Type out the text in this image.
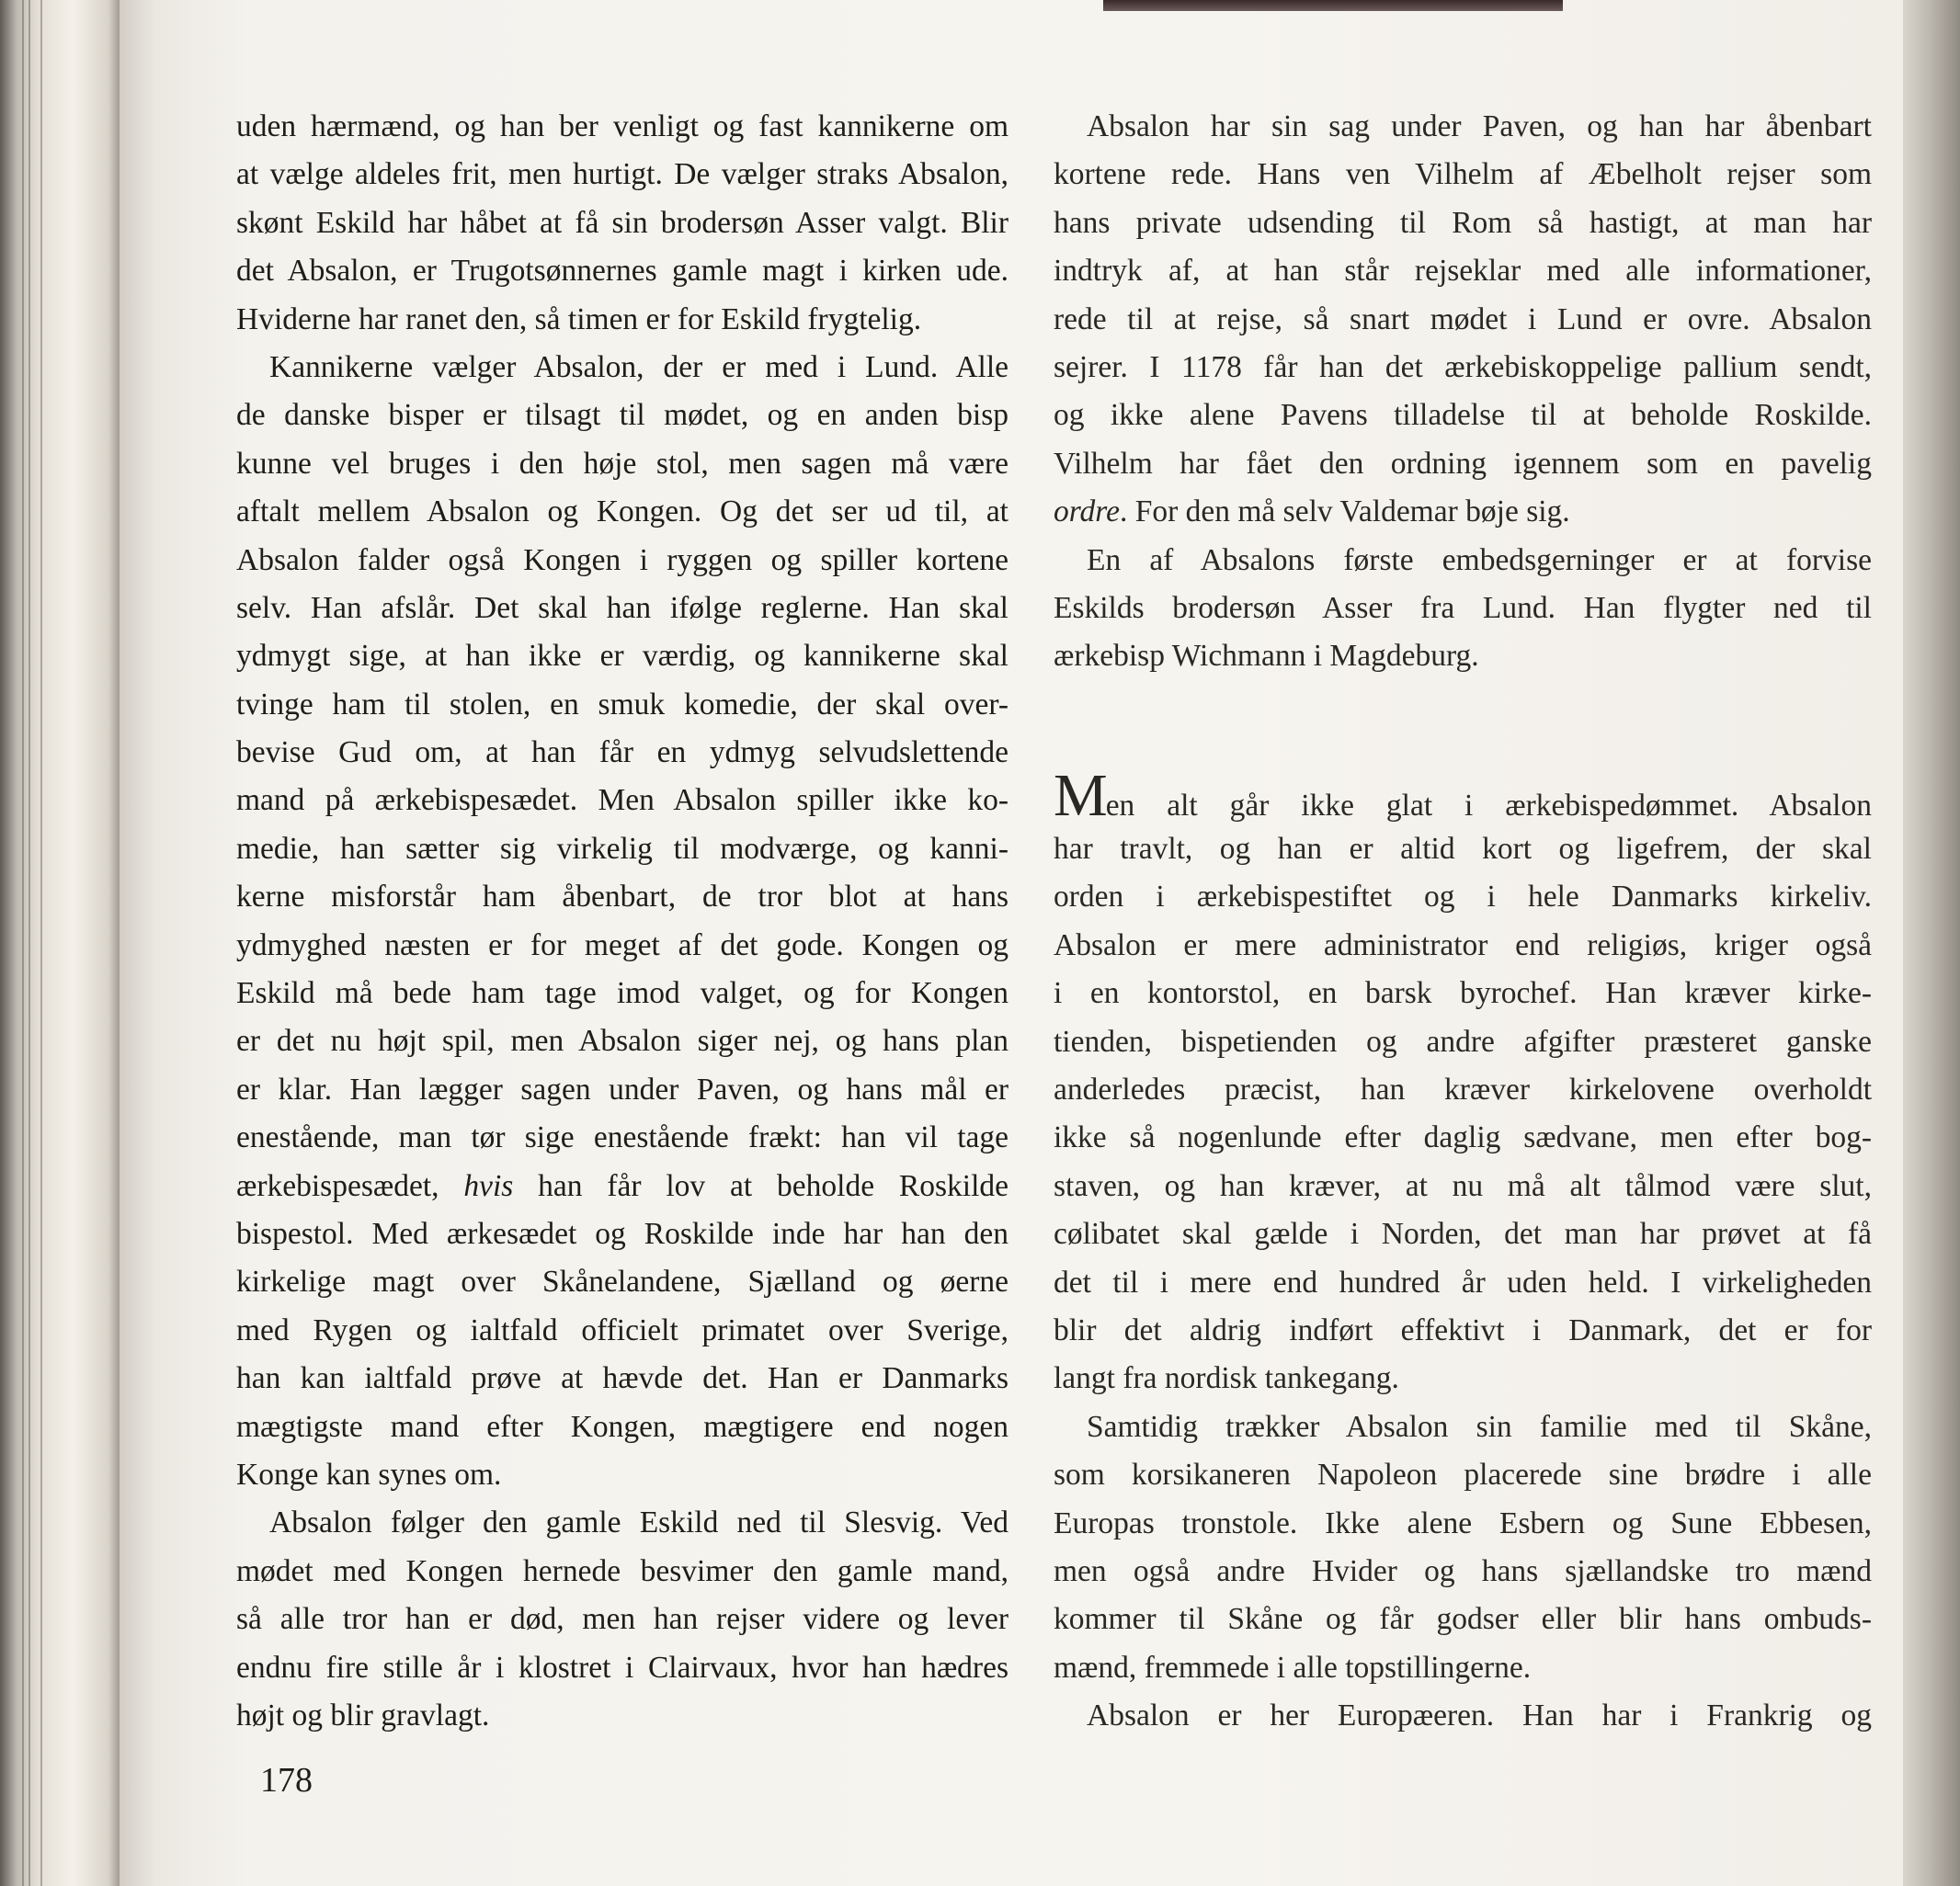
uden hærmænd, og han ber venligt og fast kannikerne om
at vælge aldeles frit, men hurtigt. De vælger straks Absalon,
skønt Eskild har håbet at få sin brodersøn Asser valgt. Blir
det Absalon, er Trugotsønnernes gamle magt i kirken ude.
Hviderne har ranet den, så timen er for Eskild frygtelig.
Kannikerne vælger Absalon, der er med i Lund. Alle
de danske bisper er tilsagt til mødet, og en anden bisp
kunne vel bruges i den høje stol, men sagen må være
aftalt mellem Absalon og Kongen. Og det ser ud til, at
Absalon falder også Kongen i ryggen og spiller kortene
selv. Han afslår. Det skal han ifølge reglerne. Han skal
ydmygt sige, at han ikke er værdig, og kannikerne skal
tvinge ham til stolen, en smuk komedie, der skal over-
bevise Gud om, at han får en ydmyg selvudslettende
mand på ærkebispesædet. Men Absalon spiller ikke ko-
medie, han sætter sig virkelig til modværge, og kanni-
kerne misforstår ham åbenbart, de tror blot at hans
ydmyghed næsten er for meget af det gode. Kongen og
Eskild må bede ham tage imod valget, og for Kongen
er det nu højt spil, men Absalon siger nej, og hans plan
er klar. Han lægger sagen under Paven, og hans mål er
enestående, man tør sige enestående frækt: han vil tage
ærkebispesædet, hvis han får lov at beholde Roskilde
bispestol. Med ærkesædet og Roskilde inde har han den
kirkelige magt over Skånelandene, Sjælland og øerne
med Rygen og ialtfald officielt primatet over Sverige,
han kan ialtfald prøve at hævde det. Han er Danmarks
mægtigste mand efter Kongen, mægtigere end nogen
Konge kan synes om.
Absalon følger den gamle Eskild ned til Slesvig. Ved
mødet med Kongen hernede besvimer den gamle mand,
så alle tror han er død, men han rejser videre og lever
endnu fire stille år i klostret i Clairvaux, hvor han hædres
højt og blir gravlagt.
Absalon har sin sag under Paven, og han har åbenbart
kortene rede. Hans ven Vilhelm af Æbelholt rejser som
hans private udsending til Rom så hastigt, at man har
indtryk af, at han står rejseklar med alle informationer,
rede til at rejse, så snart mødet i Lund er ovre. Absalon
sejrer. I 1178 får han det ærkebiskoppelige pallium sendt,
og ikke alene Pavens tilladelse til at beholde Roskilde.
Vilhelm har fået den ordning igennem som en pavelig
ordre. For den må selv Valdemar bøje sig.
En af Absalons første embedsgerninger er at forvise
Eskilds brodersøn Asser fra Lund. Han flygter ned til
ærkebisp Wichmann i Magdeburg.
Men alt går ikke glat i ærkebispedømmet. Absalon
har travlt, og han er altid kort og ligefrem, der skal
orden i ærkebispestiftet og i hele Danmarks kirkeliv.
Absalon er mere administrator end religiøs, kriger også
i en kontorstol, en barsk byrochef. Han kræver kirke-
tienden, bispetienden og andre afgifter præsteret ganske
anderledes præcist, han kræver kirkelovene overholdt
ikke så nogenlunde efter daglig sædvane, men efter bog-
staven, og han kræver, at nu må alt tålmod være slut,
cølibatet skal gælde i Norden, det man har prøvet at få
det til i mere end hundred år uden held. I virkeligheden
blir det aldrig indført effektivt i Danmark, det er for
langt fra nordisk tankegang.
Samtidig trækker Absalon sin familie med til Skåne,
som korsikaneren Napoleon placerede sine brødre i alle
Europas tronstole. Ikke alene Esbern og Sune Ebbesen,
men også andre Hvider og hans sjællandske tro mænd
kommer til Skåne og får godser eller blir hans ombuds-
mænd, fremmede i alle topstillingerne.
Absalon er her Europæeren. Han har i Frankrig og
178
